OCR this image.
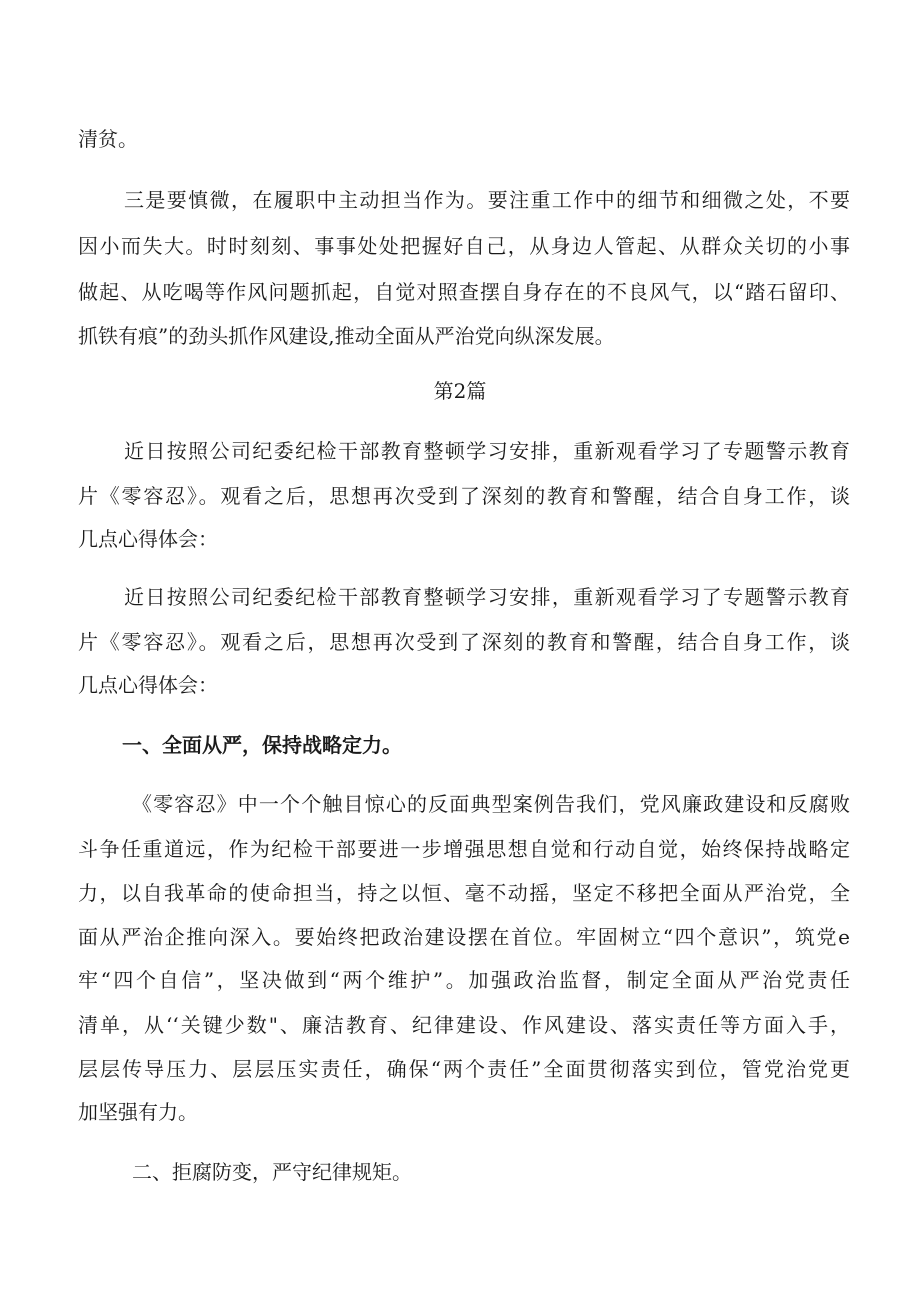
清贫。
三是要慎微，在履职中主动担当作为。要注重工作中的细节和细微之处，不要
因小而失大。时时刻刻、事事处处把握好自己，从身边人管起、从群众关切的小事
做起、从吃喝等作风问题抓起，自觉对照查摆自身存在的不良风气，以“踏石留印、
抓铁有痕”的劲头抓作风建设,推动全面从严治党向纵深发展。
第2篇
近日按照公司纪委纪检干部教育整顿学习安排，重新观看学习了专题警示教育
片《零容忍》。观看之后，思想再次受到了深刻的教育和警醒，结合自身工作，谈
几点心得体会：
近日按照公司纪委纪检干部教育整顿学习安排，重新观看学习了专题警示教育
片《零容忍》。观看之后，思想再次受到了深刻的教育和警醒，结合自身工作，谈
几点心得体会：
一、全面从严，保持战略定力。
《零容忍》中一个个触目惊心的反面典型案例告我们，党风廉政建设和反腐败
斗争任重道远，作为纪检干部要进一步增强思想自觉和行动自觉，始终保持战略定
力，以自我革命的使命担当，持之以恒、毫不动摇，坚定不移把全面从严治党，全
面从严治企推向深入。要始终把政治建设摆在首位。牢固树立“四个意识”，筑党e
牢“四个自信”，坚决做到“两个维护”。加强政治监督，制定全面从严治党责任
清单，从‘‘关键少数"、廉洁教育、纪律建设、作风建设、落实责任等方面入手，
层层传导压力、层层压实责任，确保“两个责任”全面贯彻落实到位，管党治党更
加坚强有力。
二、拒腐防变，严守纪律规矩。
